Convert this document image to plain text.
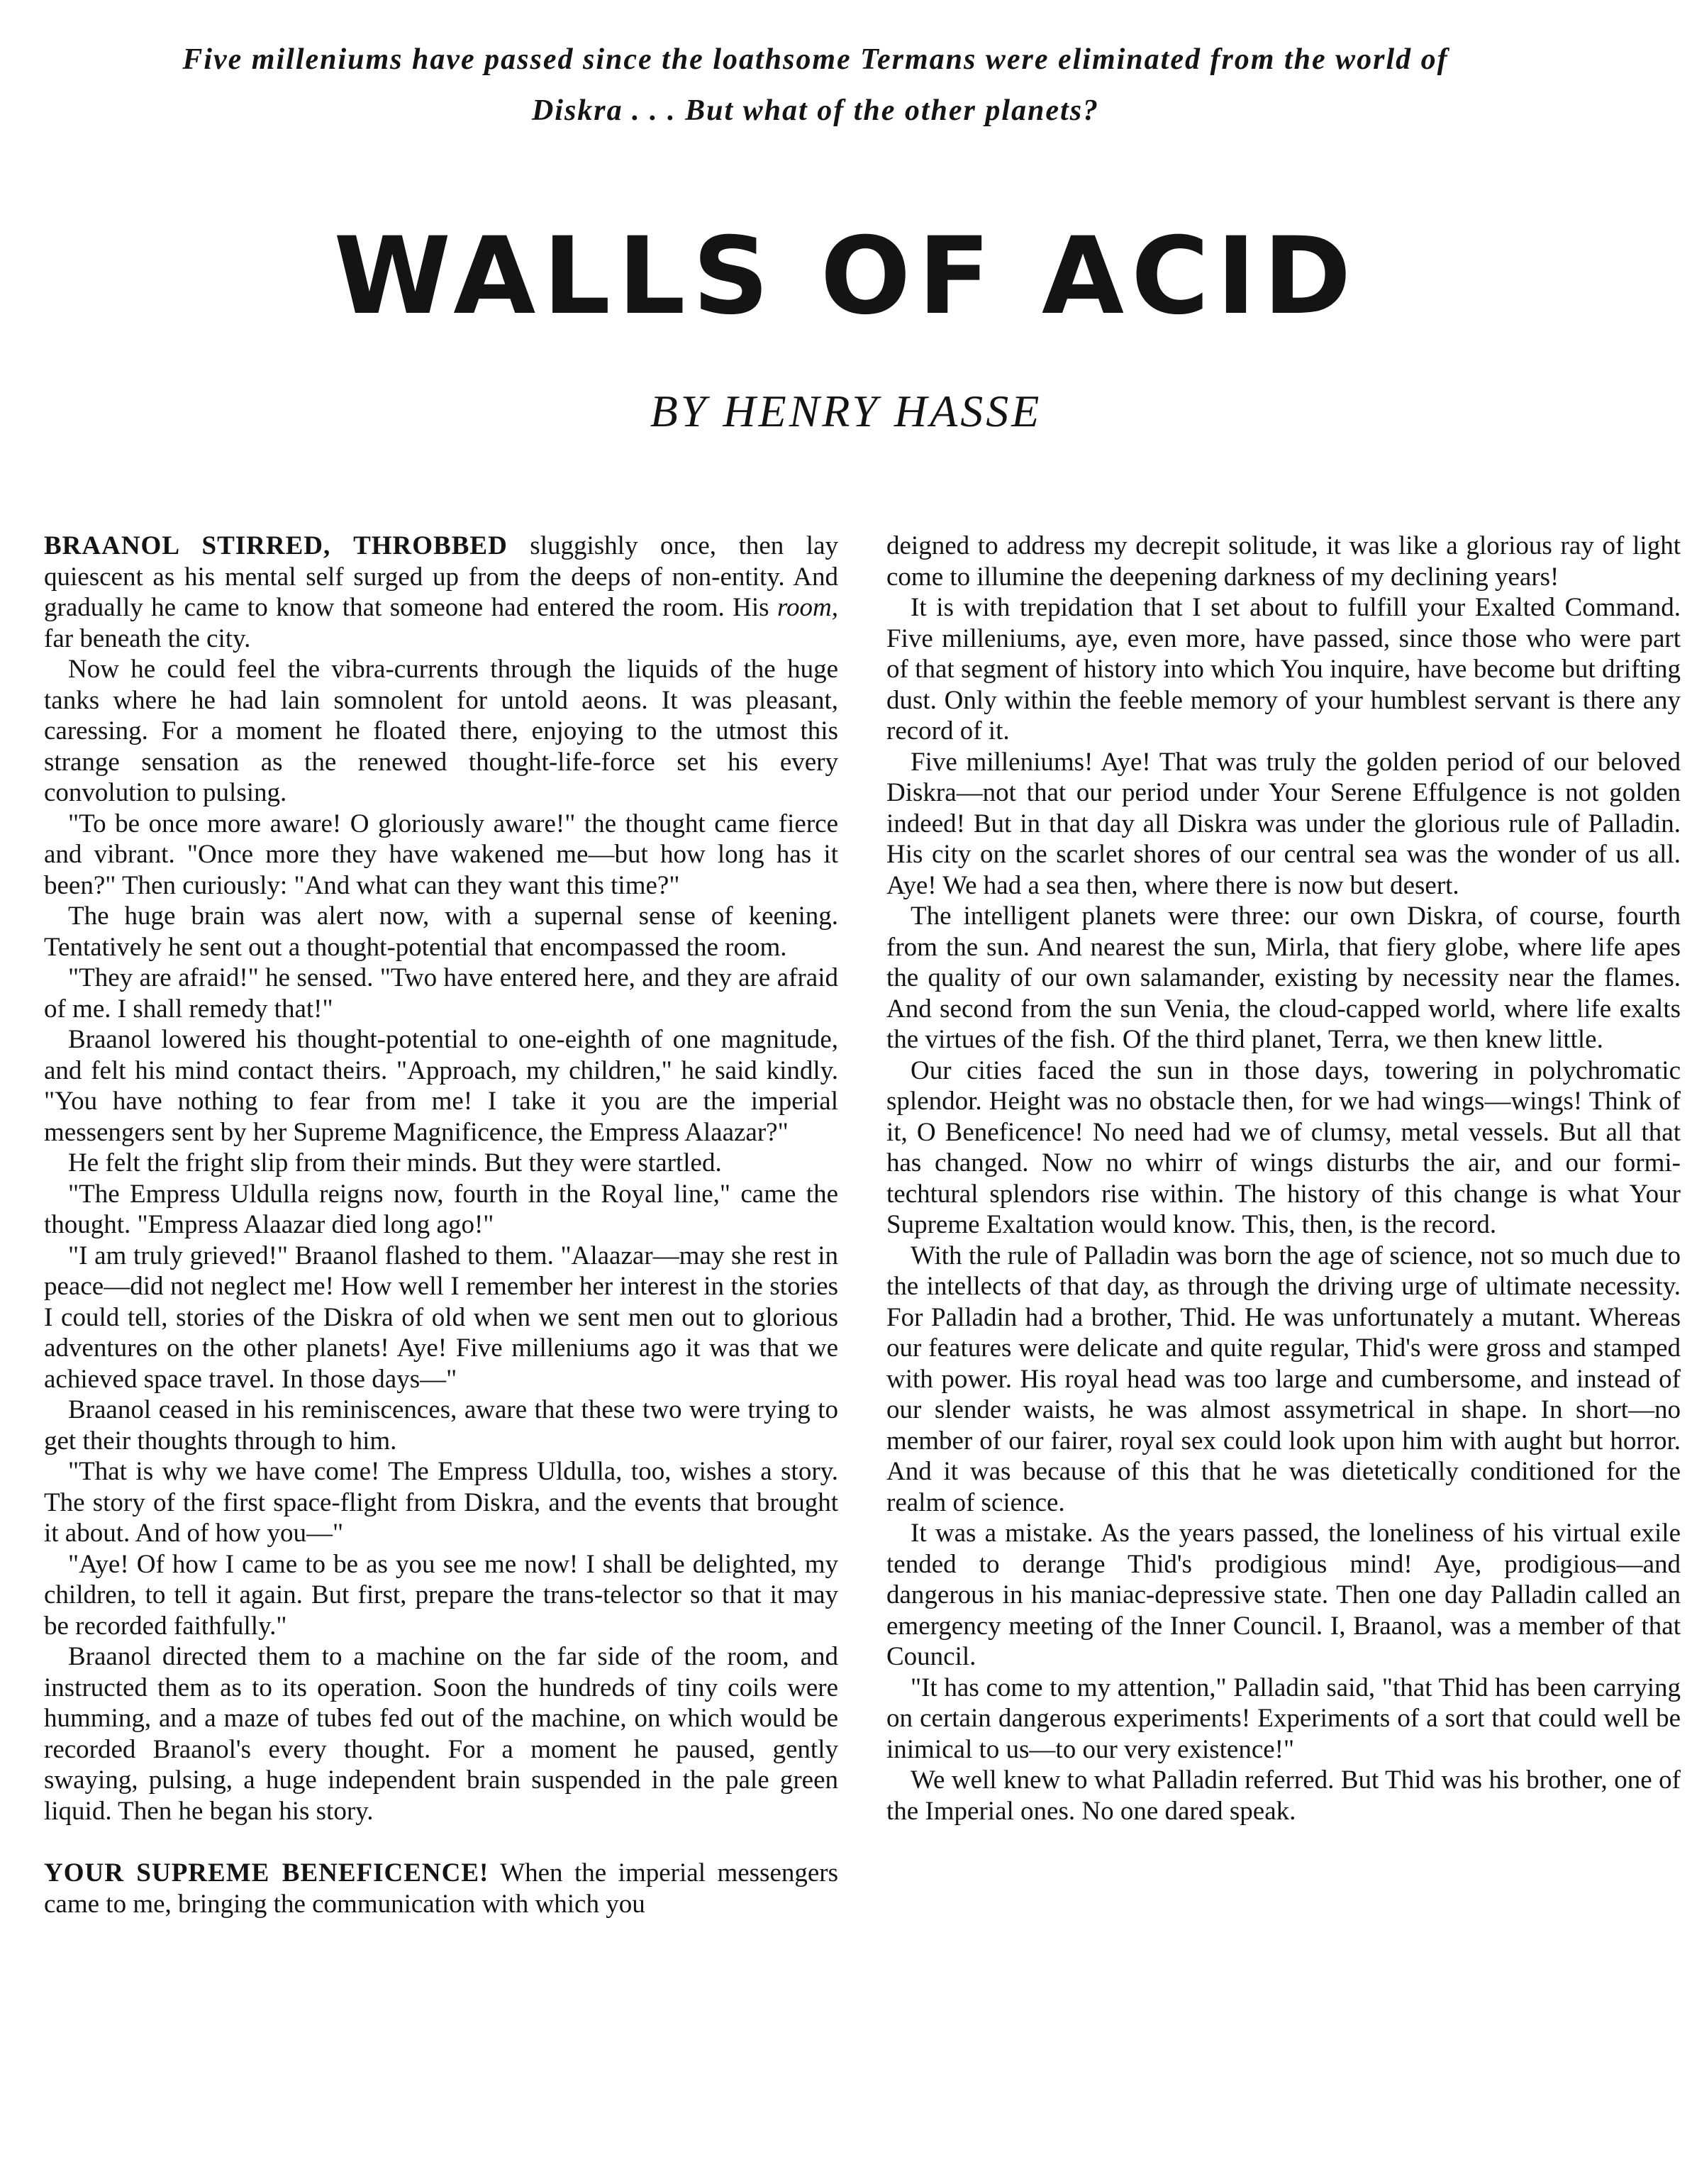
Five milleniums have passed since the loathsome Termans were eliminated from the world of Diskra . . . But what of the other planets?
WALLS OF ACID
BY HENRY HASSE

BRAANOL STIRRED, THROBBED sluggishly once, then lay quiescent as his mental self surged up from the deeps of non-entity. And gradually he came to know that someone had entered the room. His room, far beneath the city.

Now he could feel the vibra-currents through the liquids of the huge tanks where he had lain somnolent for untold aeons. It was pleasant, caressing. For a moment he floated there, enjoying to the utmost this strange sensation as the renewed thought-life-force set his every convolution to pulsing.

"To be once more aware! O gloriously aware!" the thought came fierce and vibrant. "Once more they have wakened me—but how long has it been?" Then curiously: "And what can they want this time?"

The huge brain was alert now, with a supernal sense of keening. Tentatively he sent out a thought-potential that encompassed the room.

"They are afraid!" he sensed. "Two have entered here, and they are afraid of me. I shall remedy that!"

Braanol lowered his thought-potential to one-eighth of one magnitude, and felt his mind contact theirs. "Approach, my children," he said kindly. "You have nothing to fear from me! I take it you are the imperial messengers sent by her Supreme Magnificence, the Empress Alaazar?"

He felt the fright slip from their minds. But they were startled.

"The Empress Uldulla reigns now, fourth in the Royal line," came the thought. "Empress Alaazar died long ago!"

"I am truly grieved!" Braanol flashed to them. "Alaazar—may she rest in peace—did not neglect me! How well I remember her interest in the stories I could tell, stories of the Diskra of old when we sent men out to glorious adventures on the other planets! Aye! Five milleniums ago it was that we achieved space travel. In those days—"

Braanol ceased in his reminiscences, aware that these two were trying to get their thoughts through to him.

"That is why we have come! The Empress Uldulla, too, wishes a story. The story of the first space-flight from Diskra, and the events that brought it about. And of how you—"

"Aye! Of how I came to be as you see me now! I shall be delighted, my children, to tell it again. But first, prepare the trans-telector so that it may be recorded faithfully."

Braanol directed them to a machine on the far side of the room, and instructed them as to its operation. Soon the hundreds of tiny coils were humming, and a maze of tubes fed out of the machine, on which would be recorded Braanol's every thought. For a moment he paused, gently swaying, pulsing, a huge independent brain suspended in the pale green liquid. Then he began his story.

YOUR SUPREME BENEFICENCE! When the imperial messengers came to me, bringing the communication with which you

deigned to address my decrepit solitude, it was like a glorious ray of light come to illumine the deepening darkness of my declining years!

It is with trepidation that I set about to fulfill your Exalted Command. Five milleniums, aye, even more, have passed, since those who were part of that segment of history into which You inquire, have become but drifting dust. Only within the feeble memory of your humblest servant is there any record of it.

Five milleniums! Aye! That was truly the golden period of our beloved Diskra—not that our period under Your Serene Effulgence is not golden indeed! But in that day all Diskra was under the glorious rule of Palladin. His city on the scarlet shores of our central sea was the wonder of us all. Aye! We had a sea then, where there is now but desert.

The intelligent planets were three: our own Diskra, of course, fourth from the sun. And nearest the sun, Mirla, that fiery globe, where life apes the quality of our own salamander, existing by necessity near the flames. And second from the sun Venia, the cloud-capped world, where life exalts the virtues of the fish. Of the third planet, Terra, we then knew little.

Our cities faced the sun in those days, towering in polychromatic splendor. Height was no obstacle then, for we had wings—wings! Think of it, O Beneficence! No need had we of clumsy, metal vessels. But all that has changed. Now no whirr of wings disturbs the air, and our formi-techtural splendors rise within. The history of this change is what Your Supreme Exaltation would know. This, then, is the record.

With the rule of Palladin was born the age of science, not so much due to the intellects of that day, as through the driving urge of ultimate necessity. For Palladin had a brother, Thid. He was unfortunately a mutant. Whereas our features were delicate and quite regular, Thid's were gross and stamped with power. His royal head was too large and cumbersome, and instead of our slender waists, he was almost assymetrical in shape. In short—no member of our fairer, royal sex could look upon him with aught but horror. And it was because of this that he was dietetically conditioned for the realm of science.

It was a mistake. As the years passed, the loneliness of his virtual exile tended to derange Thid's prodigious mind! Aye, prodigious—and dangerous in his maniac-depressive state. Then one day Palladin called an emergency meeting of the Inner Council. I, Braanol, was a member of that Council.

"It has come to my attention," Palladin said, "that Thid has been carrying on certain dangerous experiments! Experiments of a sort that could well be inimical to us—to our very existence!"

We well knew to what Palladin referred. But Thid was his brother, one of the Imperial ones. No one dared speak.
